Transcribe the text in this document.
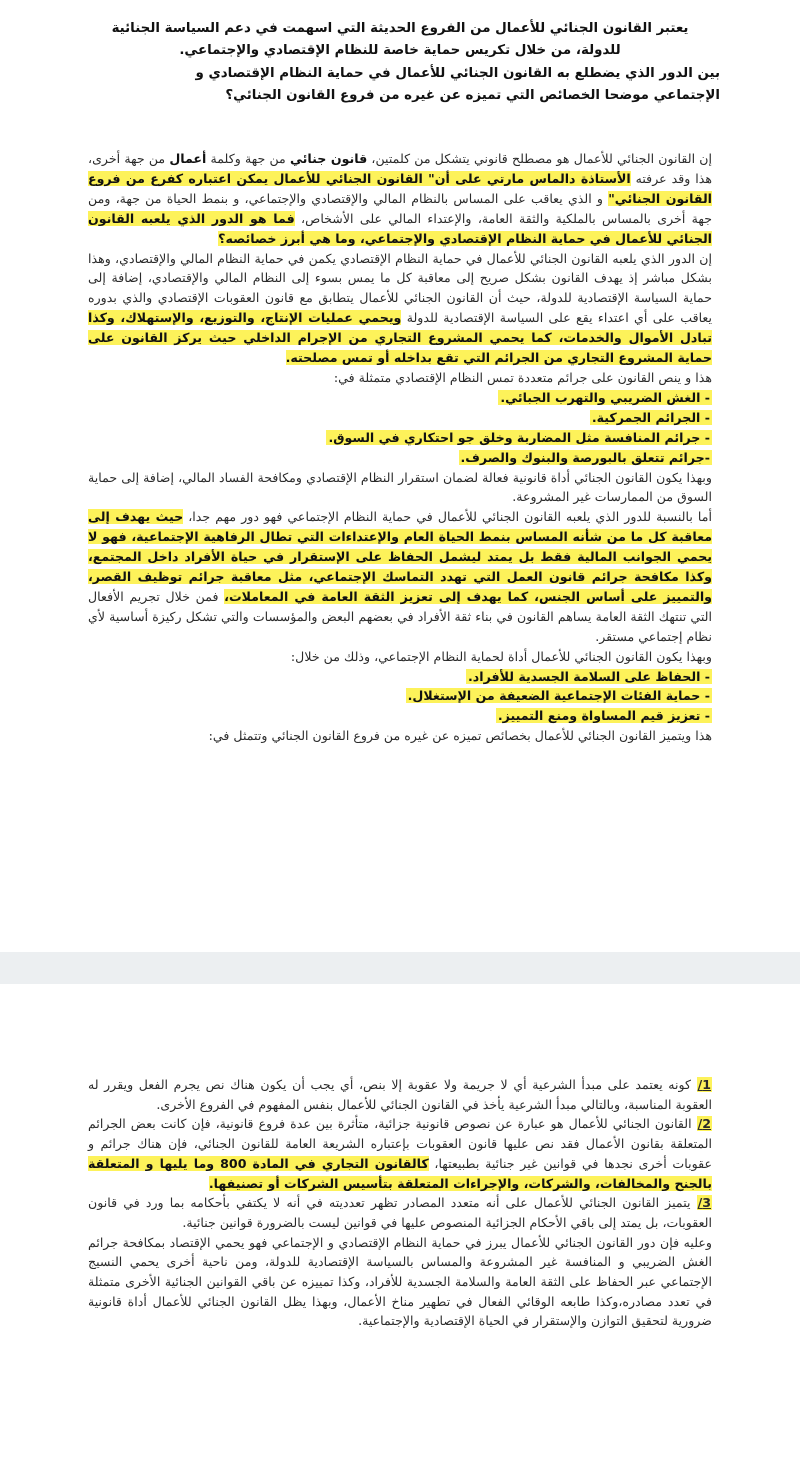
يعتبر القانون الجنائي للأعمال من الفروع الحديثة التي اسهمت في دعم السياسة الجنائية
للدولة، من خلال تكريس حماية خاصة للنظام الإقتصادي والإجتماعي.
بين الدور الذي يضطلع به القانون الجنائي للأعمال في حماية النظام الإقتصادي و
الإجتماعي موضحا الخصائص التي تميزه عن غيره من فروع القانون الجنائي؟

إن القانون الجنائي للأعمال هو مصطلح قانوني يتشكل من كلمتين، قانون جنائي من جهة وكلمة أعمال من جهة أخرى، هذا وقد عرفته الأستاذة دالماس مارتي على أن" القانون الجنائي للأعمال يمكن اعتباره كفرع من فروع القانون الجنائي" و الذي يعاقب على المساس بالنظام المالي والإقتصادي والإجتماعي، و بنمط الحياة من جهة، ومن جهة أخرى بالمساس بالملكية والثقة العامة، والإعتداء المالي على الأشخاص، فما هو الدور الذي يلعبه القانون الجنائي للأعمال في حماية النظام الإقتصادي والإجتماعي، وما هي أبرز خصائصه؟

إن الدور الذي يلعبه القانون الجنائي للأعمال في حماية النظام الإقتصادي يكمن في حماية النظام المالي والإقتصادي، وهذا بشكل مباشر إذ يهدف القانون بشكل صريح إلى معاقبة كل ما يمس بسوء إلى النظام المالي والإقتصادي، إضافة إلى حماية السياسة الإقتصادية للدولة، حيث أن القانون الجنائي للأعمال يتطابق مع قانون العقوبات الإقتصادي والذي بدوره يعاقب على أي اعتداء يقع على السياسة الإقتصادية للدولة ويحمي عمليات الإنتاج، والتوزيع، والإستهلاك، وكذا تبادل الأموال والخدمات، كما يحمي المشروع التجاري من الإجرام الداخلي حيث يركز القانون على حماية المشروع التجاري من الجرائم التي تقع بداخله أو تمس مصلحته.

هذا و ينص القانون على جرائم متعددة تمس النظام الإقتصادي متمثلة في:

- الغش الضريبي والتهرب الجبائي.

- الجرائم الجمركية.

- جرائم المنافسة مثل المضاربة وخلق جو احتكاري في السوق.

-جرائم تتعلق بالبورصة والبنوك والصرف.

وبهذا يكون القانون الجنائي أداة قانونية فعالة لضمان استقرار النظام الإقتصادي ومكافحة الفساد المالي، إضافة إلى حماية السوق من الممارسات غير المشروعة.

أما بالنسبة للدور الذي يلعبه القانون الجنائي للأعمال في حماية النظام الإجتماعي فهو دور مهم جدا، حيث يهدف إلى معاقبة كل ما من شأنه المساس بنمط الحياة العام والإعتداءات التي تطال الرفاهية الإجتماعية، فهو لا يحمي الجوانب المالية فقط بل يمتد ليشمل الحفاظ على الإستقرار في حياة الأفراد داخل المجتمع، وكذا مكافحة جرائم قانون العمل التي تهدد التماسك الإجتماعي، مثل معاقبة جرائم توظيف القصر، والتمييز على أساس الجنس، كما يهدف إلى تعزيز الثقة العامة في المعاملات، فمن خلال تجريم الأفعال التي تنتهك الثقة العامة يساهم القانون في بناء ثقة الأفراد في بعضهم البعض والمؤسسات والتي تشكل ركيزة أساسية لأي نظام إجتماعي مستقر.

وبهذا يكون القانون الجنائي للأعمال أداة لحماية النظام الإجتماعي، وذلك من خلال:

- الحفاظ على السلامة الجسدية للأفراد.

- حماية الفئات الإجتماعية الضعيفة من الإستغلال.

- تعزيز قيم المساواة ومنع التمييز.

هذا ويتميز القانون الجنائي للأعمال بخصائص تميزه عن غيره من فروع القانون الجنائي وتتمثل في:

1/ كونه يعتمد على مبدأ الشرعية أي لا جريمة ولا عقوبة إلا بنص، أي يجب أن يكون هناك نص يجرم الفعل ويقرر له العقوبة المناسبة، وبالتالي مبدأ الشرعية يأخذ في القانون الجنائي للأعمال بنفس المفهوم في الفروع الأخرى.

2/ القانون الجنائي للأعمال هو عبارة عن نصوص قانونية جزائية، متأثرة بين عدة فروع قانونية، فإن كانت بعض الجرائم المتعلقة بقانون الأعمال فقد نص عليها قانون العقوبات بإعتباره الشريعة العامة للقانون الجنائي، فإن هناك جرائم و عقوبات أخرى نجدها في قوانين غير جنائية بطبيعتها، كالقانون التجاري في المادة 800 وما يليها و المتعلقة بالجنح والمخالفات، والشركات، والإجراءات المتعلقة بتأسيس الشركات أو تصنيفها.

3/ يتميز القانون الجنائي للأعمال على أنه متعدد المصادر تظهر تعدديته في أنه لا يكتفي بأحكامه بما ورد في قانون العقوبات، بل يمتد إلى باقي الأحكام الجزائية المنصوص عليها في قوانين ليست بالضرورة قوانين جنائية.

وعليه فإن دور القانون الجنائي للأعمال يبرز في حماية النظام الإقتصادي و الإجتماعي فهو يحمي الإقتصاد بمكافحة جرائم الغش الضريبي و المنافسة غير المشروعة والمساس بالسياسة الإقتصادية للدولة، ومن ناحية أخرى يحمي النسيج الإجتماعي عبر الحفاظ على الثقة العامة والسلامة الجسدية للأفراد، وكذا تمييزه عن باقي القوانين الجنائية الأخرى متمثلة في تعدد مصادره،وكذا طابعه الوقائي الفعال في تطهير مناخ الأعمال، وبهذا يظل القانون الجنائي للأعمال أداة قانونية ضرورية لتحقيق التوازن والإستقرار في الحياة الإقتصادية والإجتماعية.
